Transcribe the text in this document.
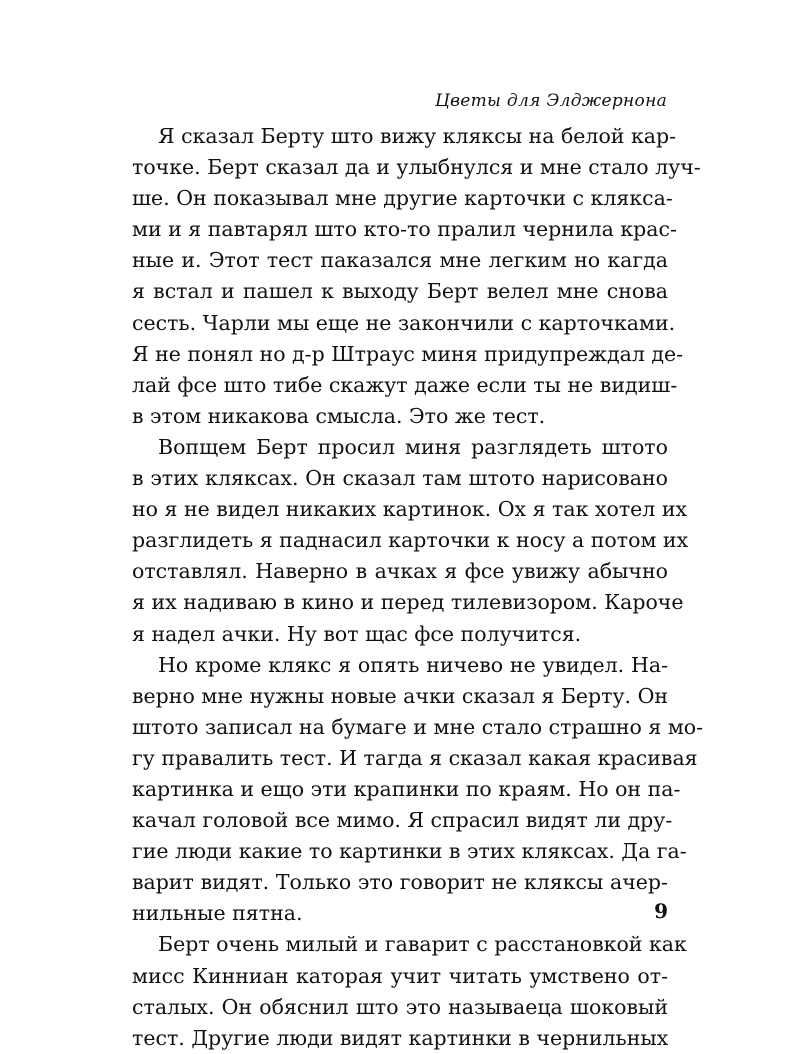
Цветы для Элджернона
Я сказал Берту што вижу кляксы на белой кар-
точке. Берт сказал да и улыбнулся и мне стало луч-
ше. Он показывал мне другие карточки с клякса-
ми и я павтарял што кто-то пралил чернила крас-
ные и. Этот тест паказался мне легким но кагда
я встал и пашел к выходу Берт велел мне снова
сесть. Чарли мы еще не закончили с карточками.
Я не понял но д-р Штраус миня придупреждал де-
лай фсе што тибе скажут даже если ты не видиш-
в этом никакова смысла. Это же тест.
Вопщем Берт просил миня разглядеть штото
в этих кляксах. Он сказал там штото нарисовано
но я не видел никаких картинок. Ох я так хотел их
разглидеть я паднасил карточки к носу а потом их
отставлял. Наверно в ачках я фсе увижу абычно
я их надиваю в кино и перед тилевизором. Кароче
я надел ачки. Ну вот щас фсе получится.
Но кроме клякс я опять ничево не увидел. На-
верно мне нужны новые ачки сказал я Берту. Он
штото записал на бумаге и мне стало страшно я мо-
гу правалить тест. И тагда я сказал какая красивая
картинка и ещо эти крапинки по краям. Но он па-
качал головой все мимо. Я спрасил видят ли дру-
гие люди какие то картинки в этих кляксах. Да га-
варит видят. Только это говорит не кляксы ачер-
нильные пятна.
Берт очень милый и гаварит с расстановкой как
мисс Кинниан каторая учит читать умствено от-
сталых. Он обяснил што это называеца шоковый
тест. Другие люди видят картинки в чернильных
9
